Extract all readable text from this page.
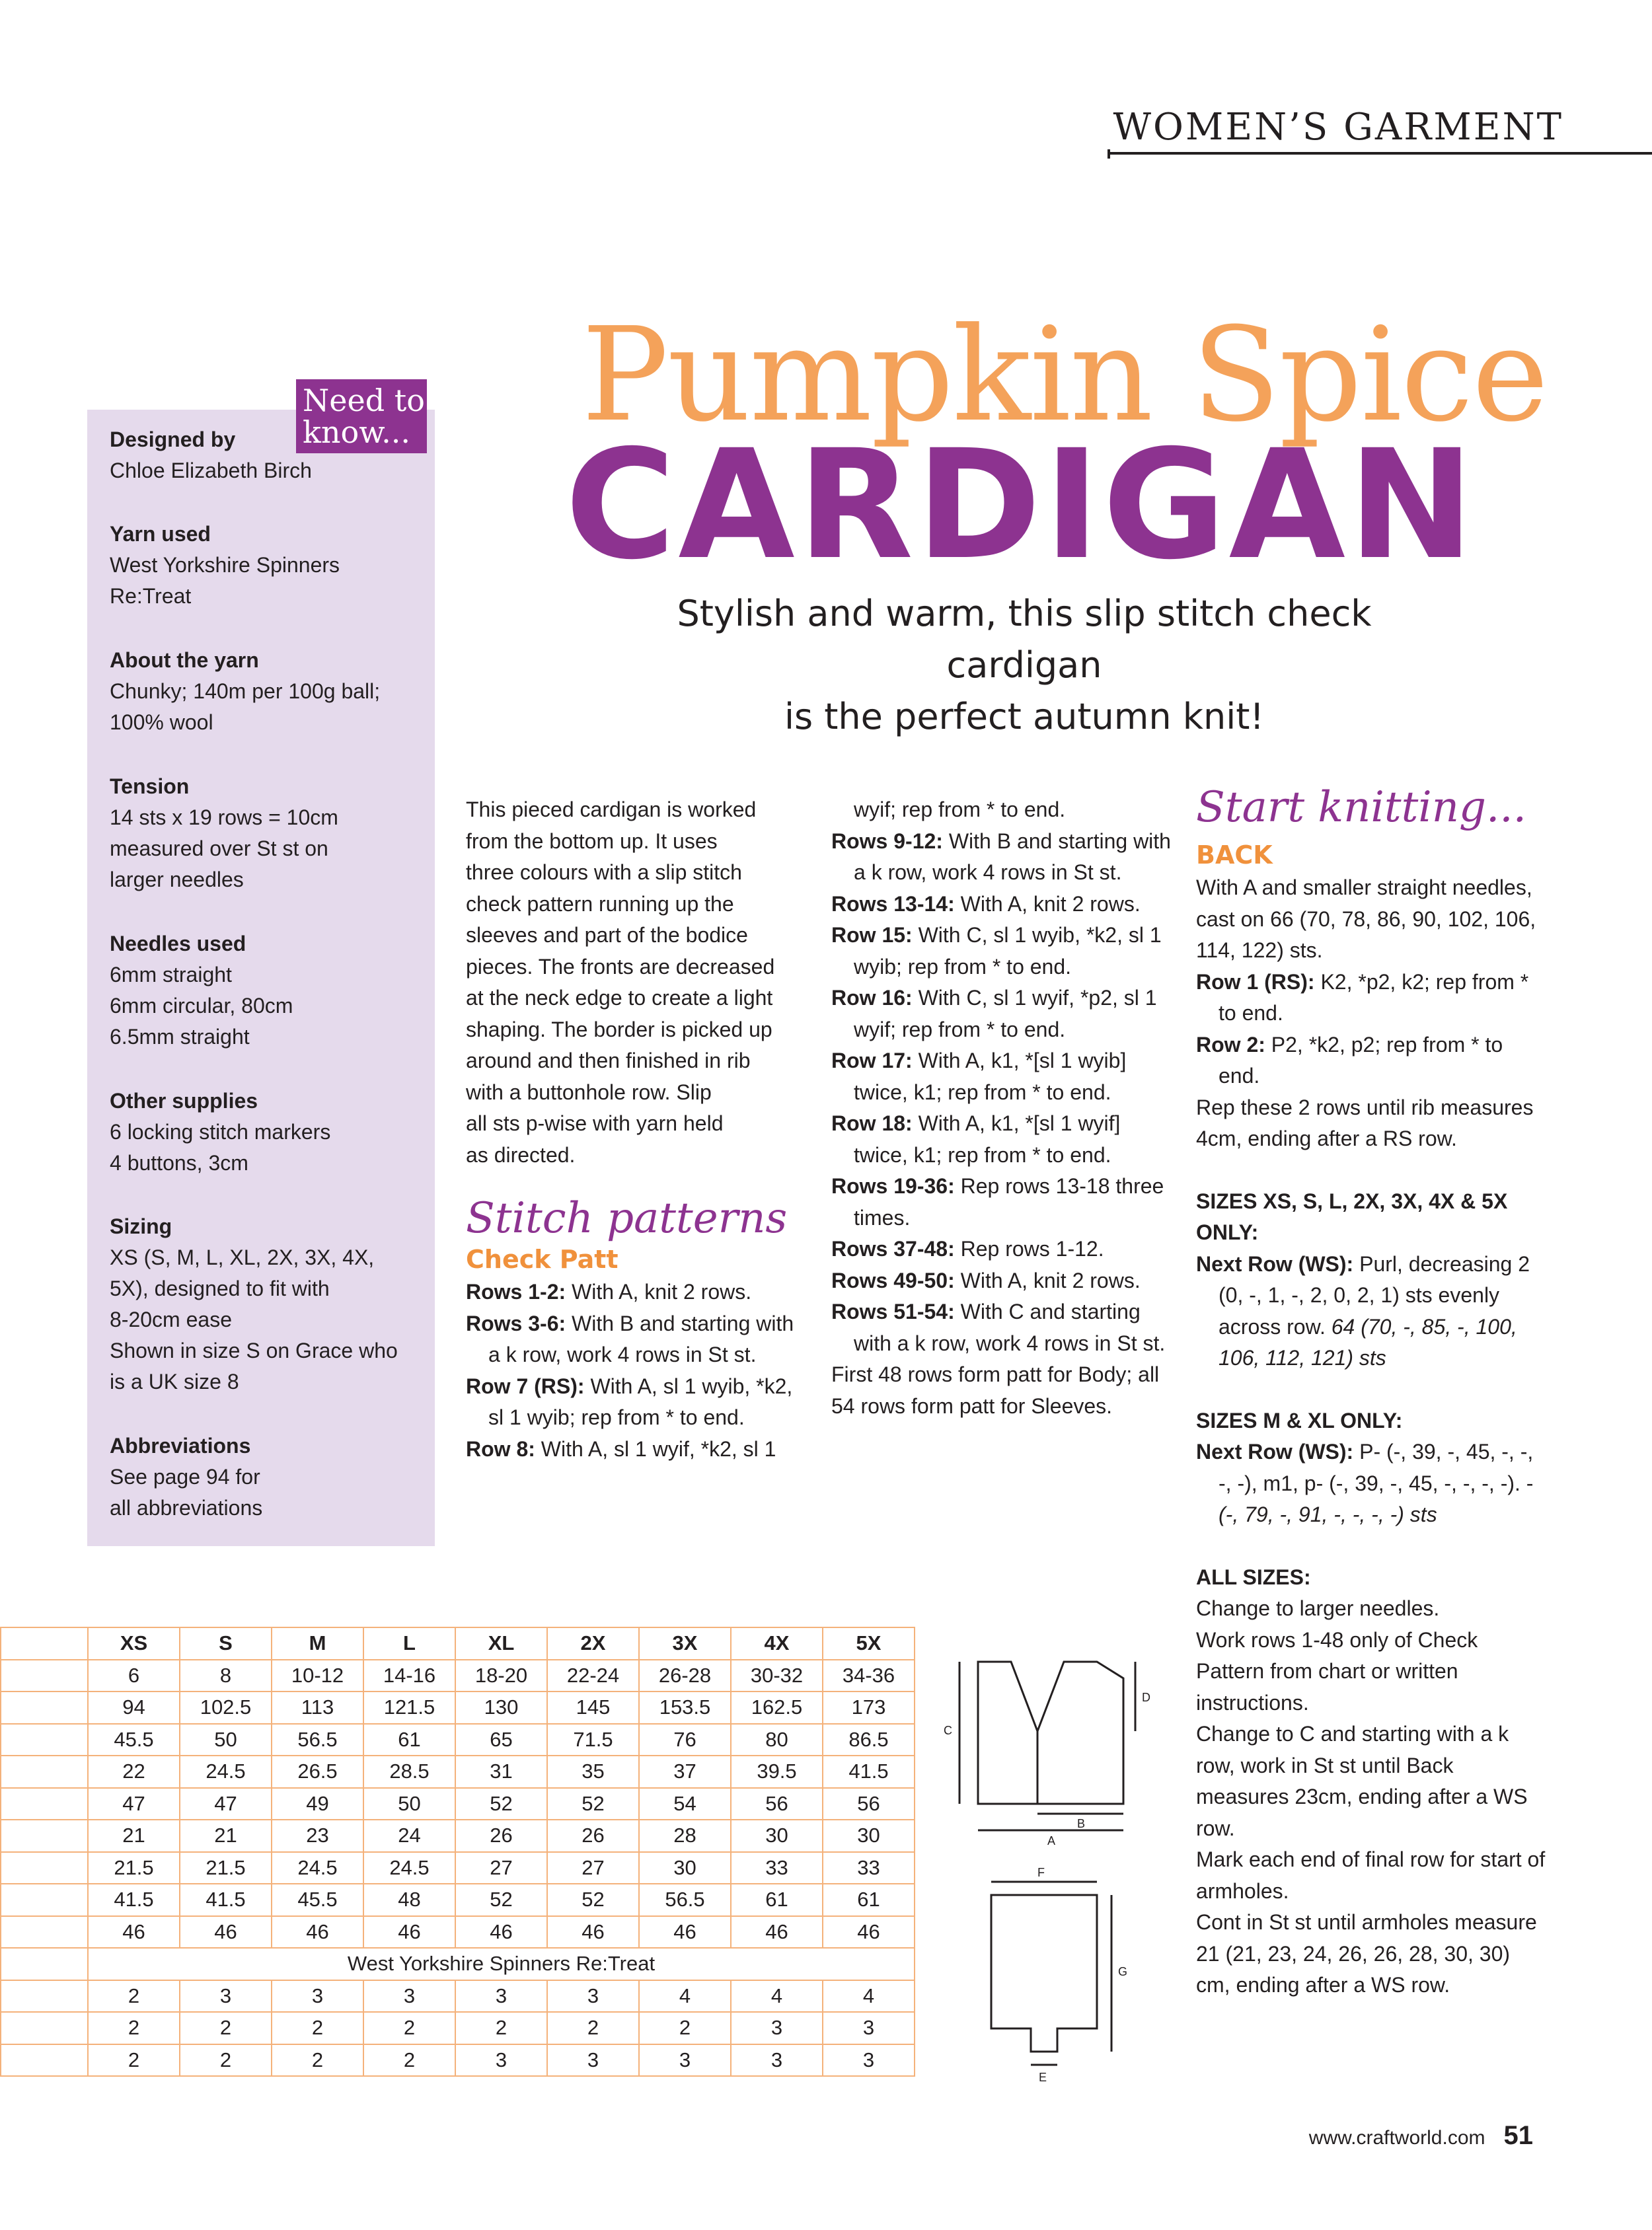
WOMEN’S GARMENT
Pumpkin Spice
CARDIGAN
Stylish and warm, this slip stitch check cardigan
is the perfect autumn knit!
Designed by
Chloe Elizabeth Birch
Yarn used
West Yorkshire Spinners
Re:Treat
About the yarn
Chunky; 140m per 100g ball;
100% wool
Tension
14 sts x 19 rows = 10cm
measured over St st on
larger needles
Needles used
6mm straight
6mm circular, 80cm
6.5mm straight
Other supplies
6 locking stitch markers
4 buttons, 3cm
Sizing
XS (S, M, L, XL, 2X, 3X, 4X,
5X), designed to fit with
8-20cm ease
Shown in size S on Grace who
is a UK size 8
Abbreviations
See page 94 for
all abbreviations
Need to
know...

This pieced cardigan is worked

from the bottom up. It uses

three colours with a slip stitch

check pattern running up the

sleeves and part of the bodice

pieces. The fronts are decreased

at the neck edge to create a light

shaping. The border is picked up

around and then finished in rib

with a buttonhole row. Slip

all sts p-wise with yarn held

as directed.

Stitch patterns
Check Patt

Rows 1-2: With A, knit 2 rows.

Rows 3-6: With B and starting with a k row, work 4 rows in St st.

Row 7 (RS): With A, sl 1 wyib, *k2, sl 1 wyib; rep from * to end.

Row 8: With A, sl 1 wyif, *k2, sl 1

wyif; rep from * to end.

Rows 9-12: With B and starting with a k row, work 4 rows in St st.

Rows 13-14: With A, knit 2 rows.

Row 15: With C, sl 1 wyib, *k2, sl 1 wyib; rep from * to end.

Row 16: With C, sl 1 wyif, *p2, sl 1 wyif; rep from * to end.

Row 17: With A, k1, *[sl 1 wyib] twice, k1; rep from * to end.

Row 18: With A, k1, *[sl 1 wyif] twice, k1; rep from * to end.

Rows 19-36: Rep rows 13-18 three times.

Rows 37-48: Rep rows 1-12.

Rows 49-50: With A, knit 2 rows.

Rows 51-54: With C and starting with a k row, work 4 rows in St st.

First 48 rows form patt for Body; all 54 rows form patt for Sleeves.

Start knitting...
BACK

With A and smaller straight needles, cast on 66 (70, 78, 86, 90, 102, 106, 114, 122) sts.

Row 1 (RS): K2, *p2, k2; rep from * to end.

Row 2: P2, *k2, p2; rep from * to end.

Rep these 2 rows until rib measures 4cm, ending after a RS row.

SIZES XS, S, L, 2X, 3X, 4X & 5X ONLY:

Next Row (WS): Purl, decreasing 2 (0, -, 1, -, 2, 0, 2, 1) sts evenly across row. 64 (70, -, 85, -, 100, 106, 112, 121) sts

SIZES M & XL ONLY:

Next Row (WS): P- (-, 39, -, 45, -, -, -, -), m1, p- (-, 39, -, 45, -, -, -, -). - (-, 79, -, 91, -, -, -, -) sts

ALL SIZES:

Change to larger needles.

Work rows 1-48 only of Check Pattern from chart or written instructions.

Change to C and starting with a k row, work in St st until Back measures 23cm, ending after a WS row.

Mark each end of final row for start of armholes.

Cont in St st until armholes measure 21 (21, 23, 24, 26, 26, 28, 30, 30) cm, ending after a WS row.

	XS	S	M	L	XL	2X	3X	4X	5X
	6	8	10-12	14-16	18-20	22-24	26-28	30-32	34-36
	94	102.5	113	121.5	130	145	153.5	162.5	173
	45.5	50	56.5	61	65	71.5	76	80	86.5
	22	24.5	26.5	28.5	31	35	37	39.5	41.5
	47	47	49	50	52	52	54	56	56
	21	21	23	24	26	26	28	30	30
	21.5	21.5	24.5	24.5	27	27	30	33	33
	41.5	41.5	45.5	48	52	52	56.5	61	61
	46	46	46	46	46	46	46	46	46
	West Yorkshire Spinners Re:Treat								
	2	3	3	3	3	3	4	4	4
	2	2	2	2	2	2	2	3	3
	2	2	2	2	3	3	3	3	3
A
B
C
D
E
F
G
www.craftworld.com 51
